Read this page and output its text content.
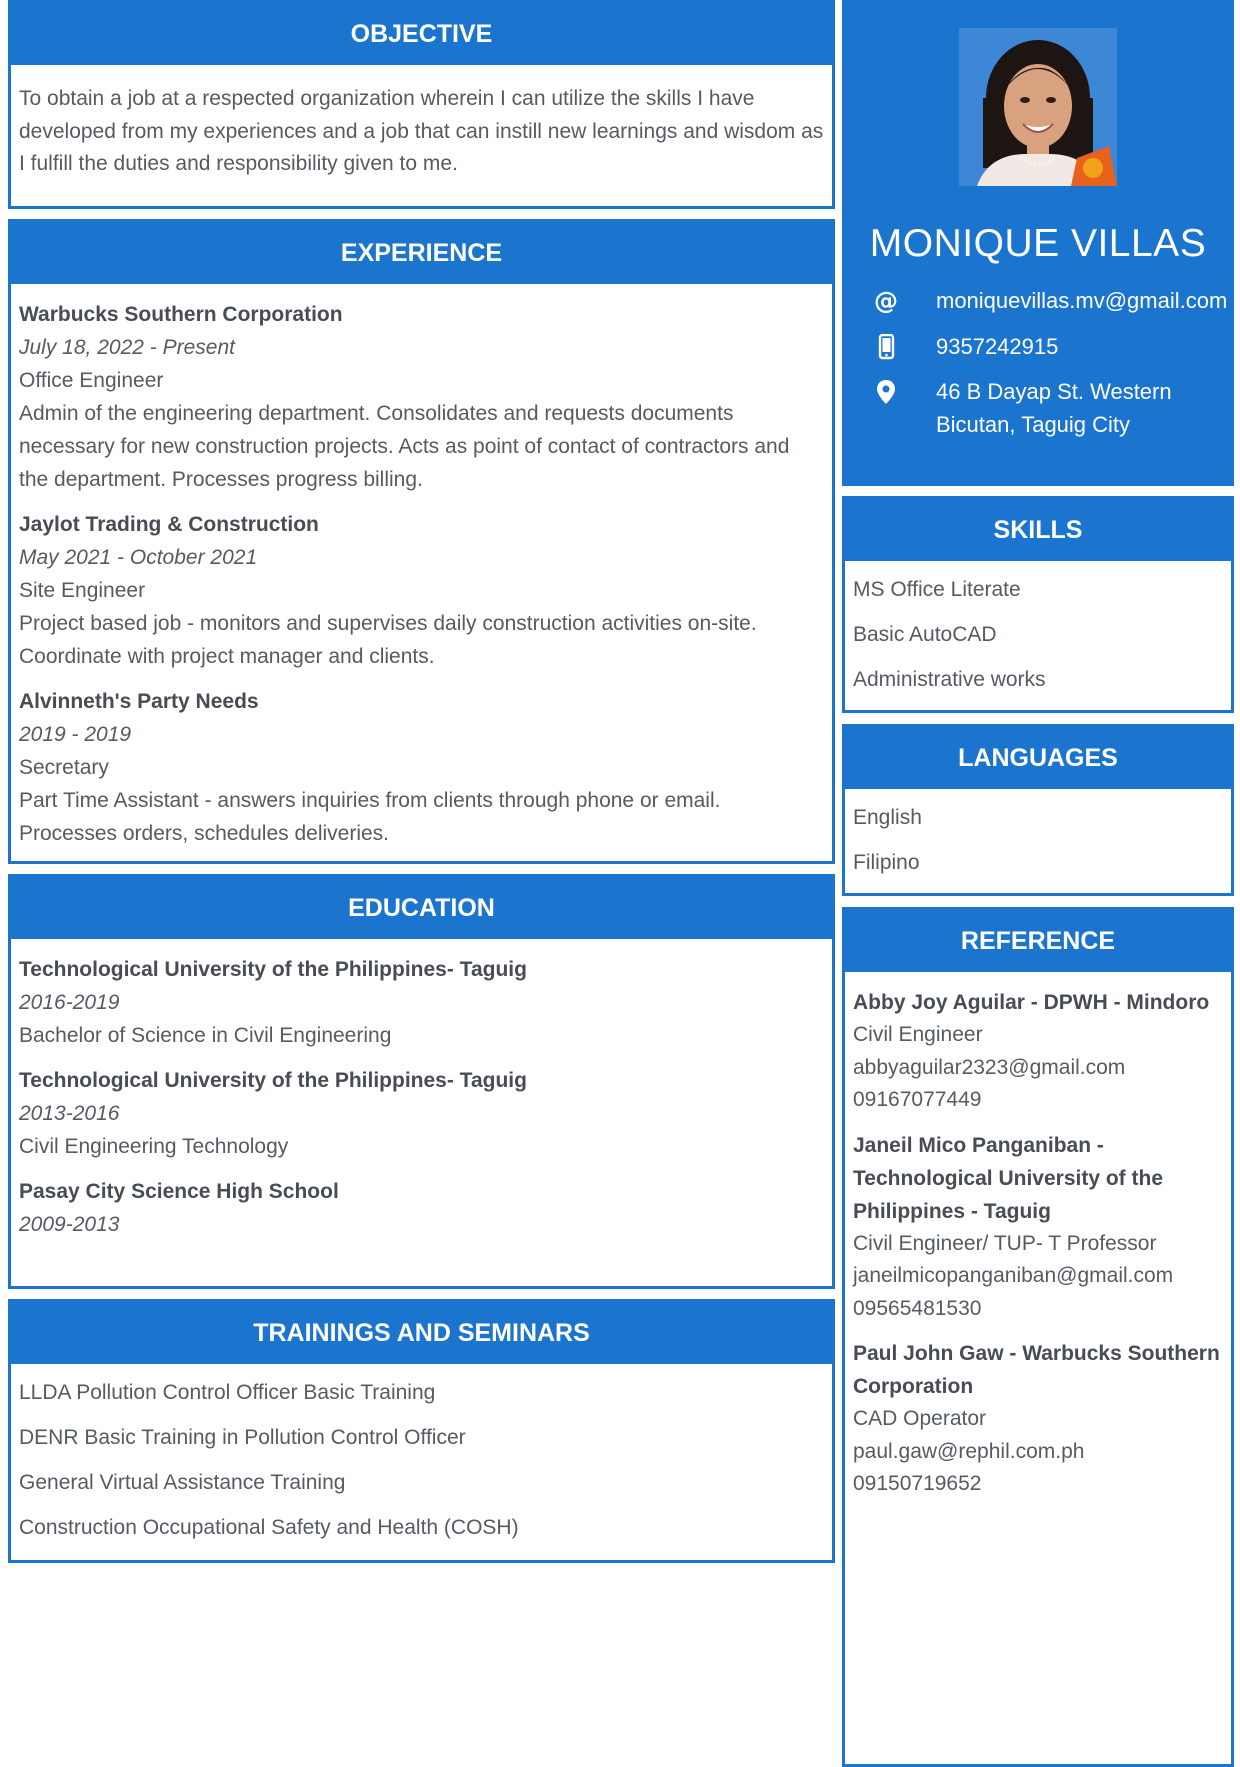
OBJECTIVE
To obtain a job at a respected organization wherein I can utilize the skills I have developed from my experiences and a job that can instill new learnings and wisdom as I fulfill the duties and responsibility given to me.
EXPERIENCE
Warbucks Southern Corporation
July 18, 2022 - Present
Office Engineer
Admin of the engineering department. Consolidates and requests documents necessary for new construction projects. Acts as point of contact of contractors and the department. Processes progress billing.
Jaylot Trading & Construction
May 2021 - October 2021
Site Engineer
Project based job - monitors and supervises daily construction activities on-site. Coordinate with project manager and clients.
Alvinneth's Party Needs
2019 - 2019
Secretary
Part Time Assistant - answers inquiries from clients through phone or email. Processes orders, schedules deliveries.
EDUCATION
Technological University of the Philippines- Taguig
2016-2019
Bachelor of Science in Civil Engineering
Technological University of the Philippines- Taguig
2013-2016
Civil Engineering Technology
Pasay City Science High School
2009-2013
TRAININGS AND SEMINARS
LLDA Pollution Control Officer Basic Training
DENR Basic Training in Pollution Control Officer
General Virtual Assistance Training
Construction Occupational Safety and Health (COSH)
MONIQUE VILLAS
@ moniquevillas.mv@gmail.com
9357242915
46 B Dayap St. Western
Bicutan, Taguig City
SKILLS
MS Office Literate
Basic AutoCAD
Administrative works
LANGUAGES
English
Filipino
REFERENCE
Abby Joy Aguilar - DPWH - Mindoro
Civil Engineer
abbyaguilar2323@gmail.com
09167077449
Janeil Mico Panganiban - Technological University of the Philippines - Taguig
Civil Engineer/ TUP- T Professor
janeilmicopanganiban@gmail.com
09565481530
Paul John Gaw - Warbucks Southern Corporation
CAD Operator
paul.gaw@rephil.com.ph
09150719652
